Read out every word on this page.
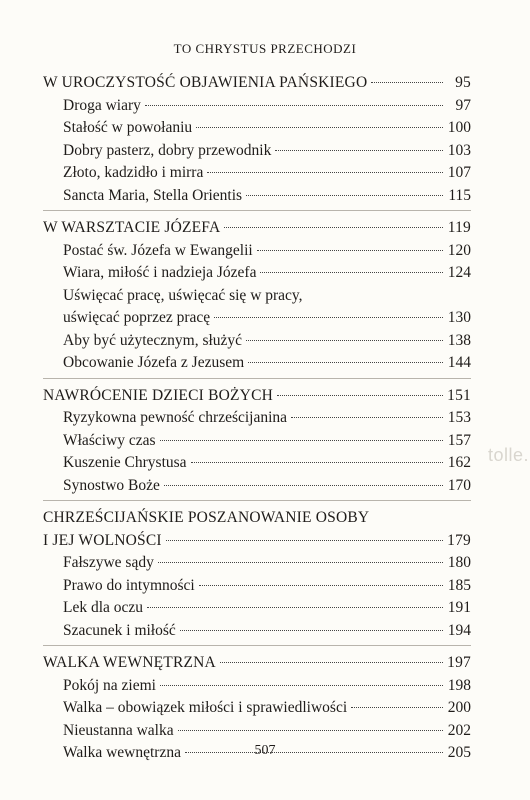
TO CHRYSTUS PRZECHODZI
W UROCZYSTOŚĆ OBJAWIENIA PAŃSKIEGO	95
Droga wiary	97
Stałość w powołaniu	100
Dobry pasterz, dobry przewodnik	103
Złoto, kadzidło i mirra	107
Sancta Maria, Stella Orientis	115
W WARSZTACIE JÓZEFA	119
Postać św. Józefa w Ewangelii	120
Wiara, miłość i nadzieja Józefa	124
Uświęcać pracę, uświęcać się w pracy,
uświęcać poprzez pracę	130
Aby być użytecznym, służyć	138
Obcowanie Józefa z Jezusem	144
NAWRÓCENIE DZIECI BOŻYCH	151
Ryzykowna pewność chrześcijanina	153
Właściwy czas	157
Kuszenie Chrystusa	162
Synostwo Boże	170
CHRZEŚCIJAŃSKIE POSZANOWANIE OSOBY
I JEJ WOLNOŚCI	179
Fałszywe sądy	180
Prawo do intymności	185
Lek dla oczu	191
Szacunek i miłość	194
WALKA WEWNĘTRZNA	197
Pokój na ziemi	198
Walka – obowiązek miłości i sprawiedliwości	200
Nieustanna walka	202
Walka wewnętrzna	205
507
tolle.
